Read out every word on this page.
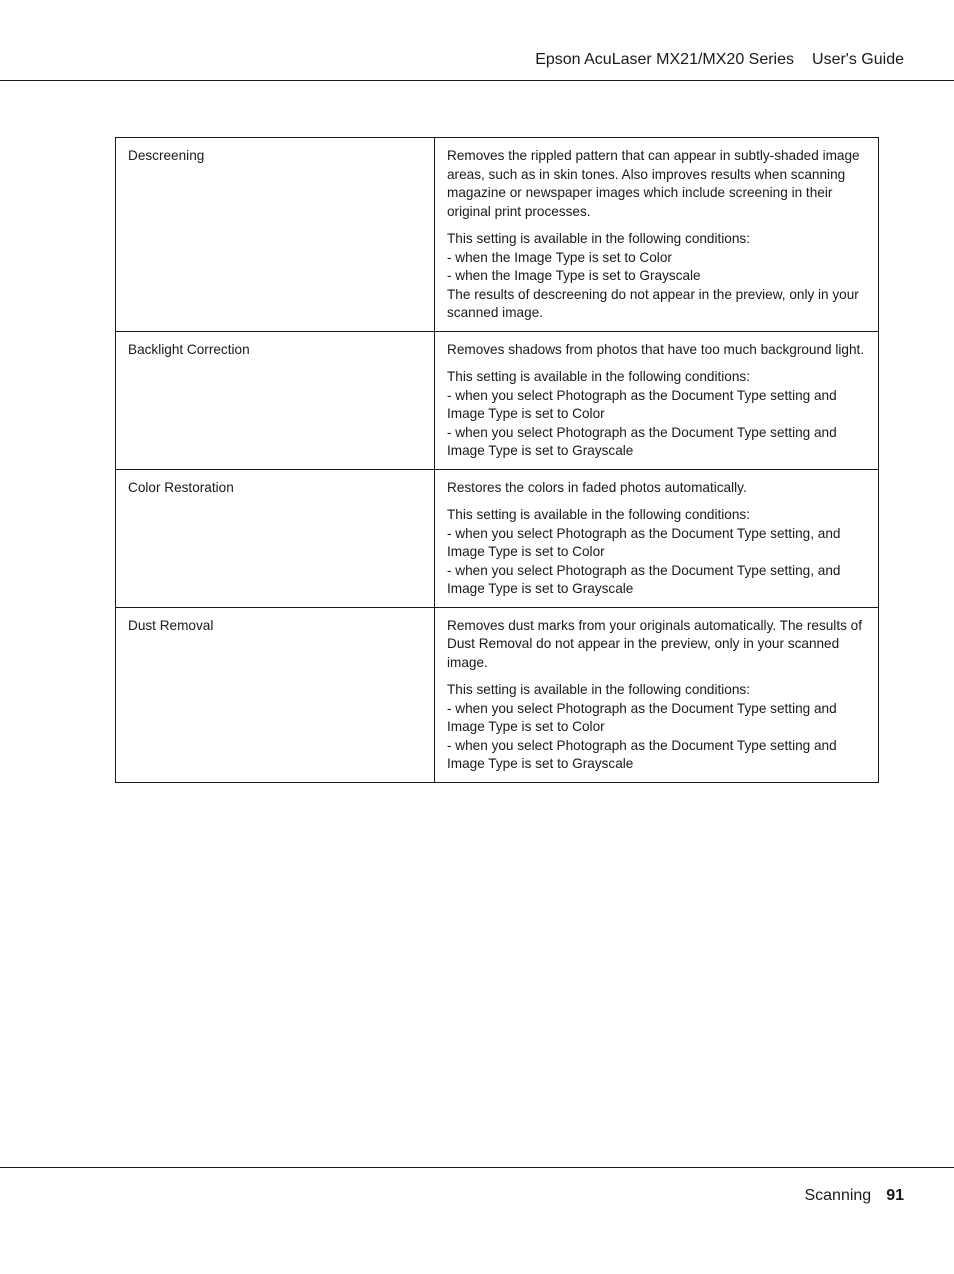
Epson AcuLaser MX21/MX20 Series User's Guide
Descreening	Removes the rippled pattern that can appear in subtly-shaded image areas, such as in skin tones. Also improves results when scanning magazine or newspaper images which include screening in their original print processes.

This setting is available in the following conditions:
- when the Image Type is set to Color
- when the Image Type is set to Grayscale
The results of descreening do not appear in the preview, only in your scanned image.

Backlight Correction	Removes shadows from photos that have too much background light.

This setting is available in the following conditions:
- when you select Photograph as the Document Type setting and Image Type is set to Color
- when you select Photograph as the Document Type setting and Image Type is set to Grayscale

Color Restoration	Restores the colors in faded photos automatically.

This setting is available in the following conditions:
- when you select Photograph as the Document Type setting, and Image Type is set to Color
- when you select Photograph as the Document Type setting, and Image Type is set to Grayscale

Dust Removal	Removes dust marks from your originals automatically. The results of Dust Removal do not appear in the preview, only in your scanned image.

This setting is available in the following conditions:
- when you select Photograph as the Document Type setting and Image Type is set to Color
- when you select Photograph as the Document Type setting and Image Type is set to Grayscale

Scanning 91
